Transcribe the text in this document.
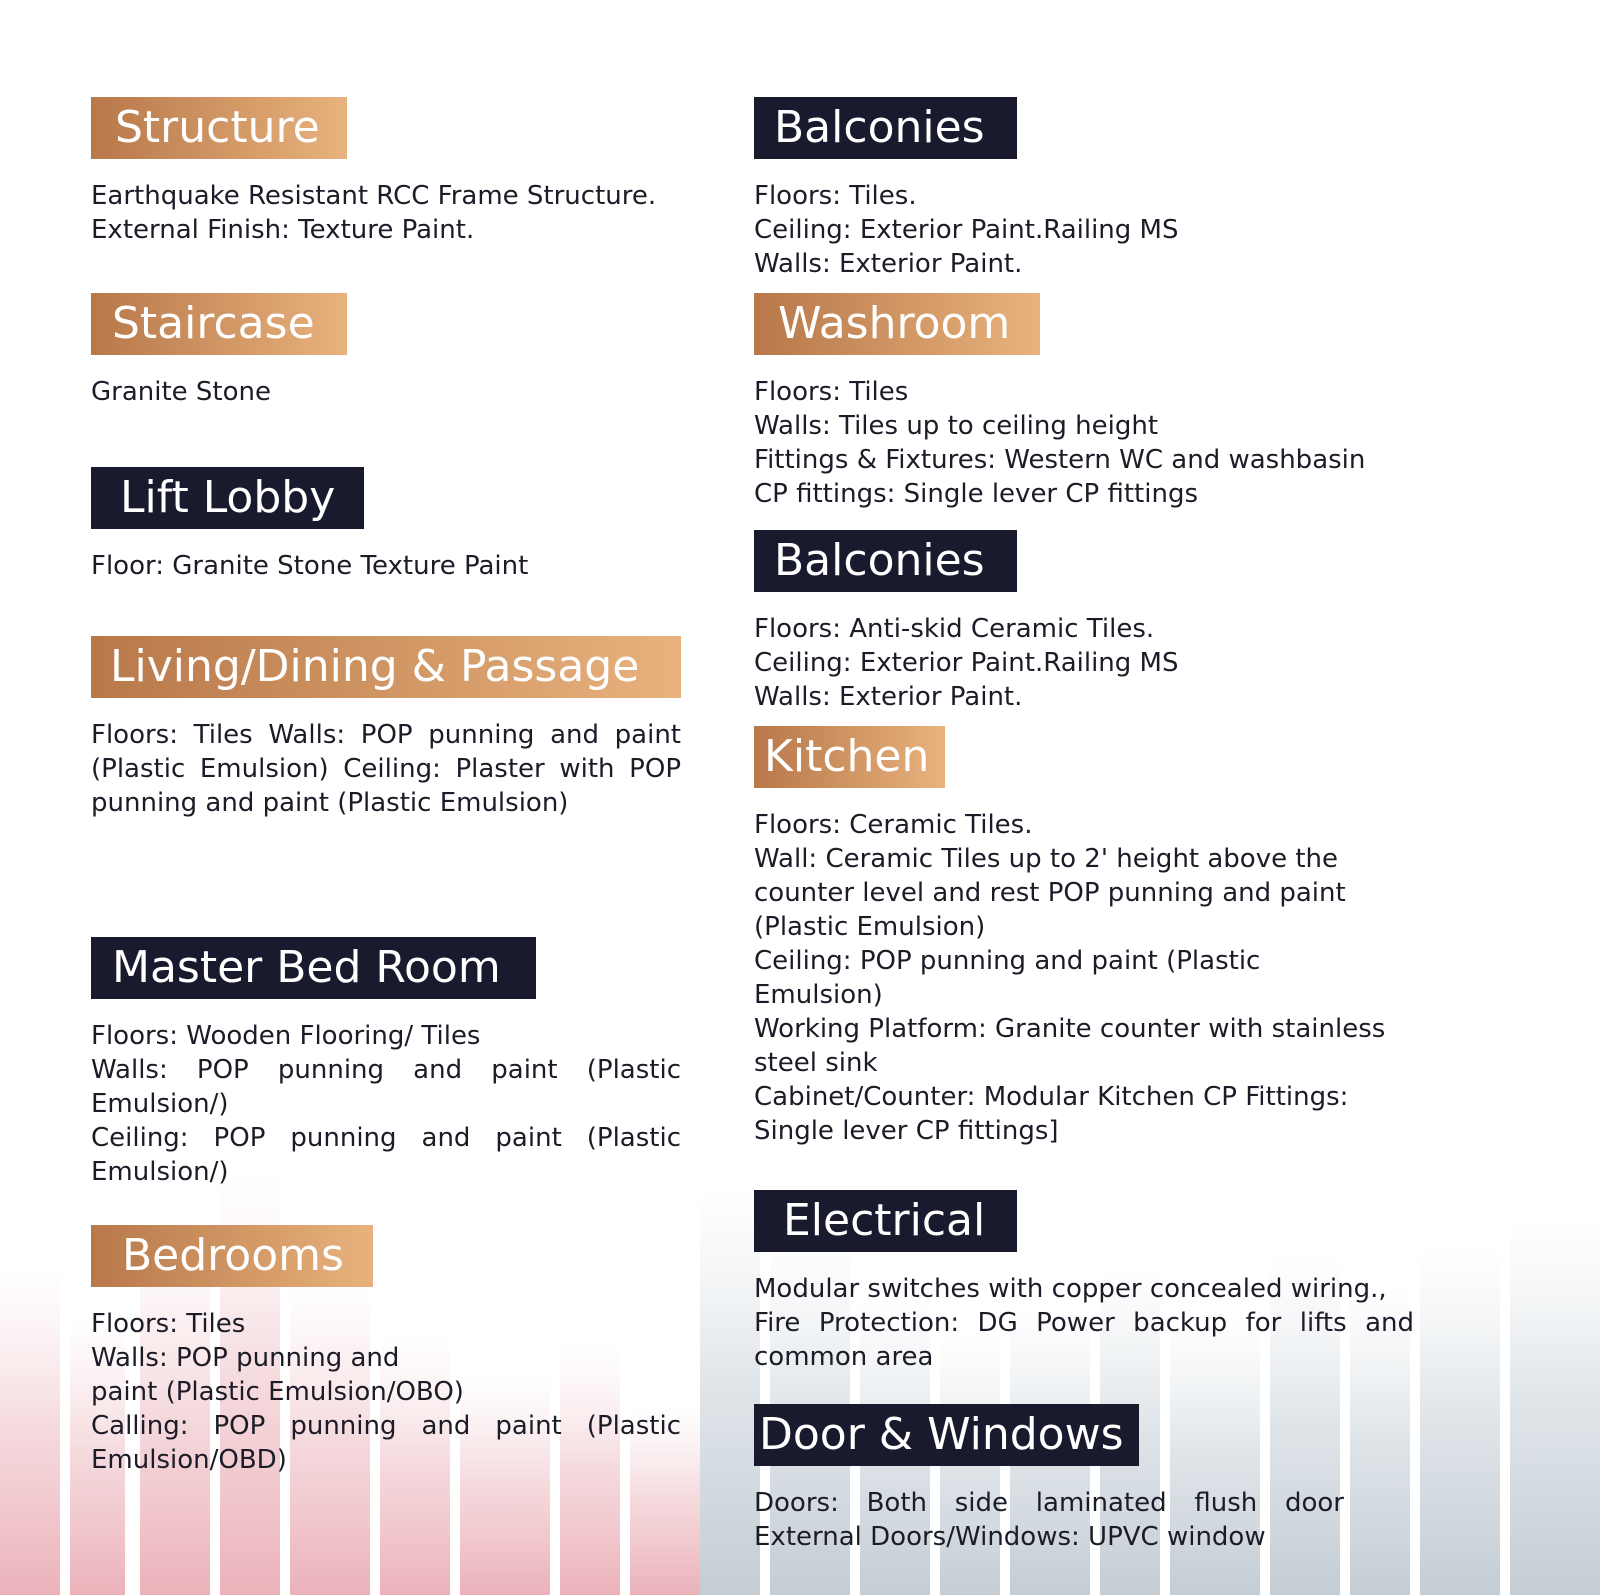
Structure
Earthquake Resistant RCC Frame Structure.
External Finish: Texture Paint.
Staircase
Granite Stone
Lift Lobby
Floor: Granite Stone Texture Paint
Living/Dining & Passage
Floors: Tiles Walls: POP punning and paint
(Plastic Emulsion) Ceiling: Plaster with POP
punning and paint (Plastic Emulsion)
Master Bed Room
Floors: Wooden Flooring/ Tiles
Walls: POP punning and paint (Plastic
Emulsion/)
Ceiling: POP punning and paint (Plastic
Emulsion/)
Bedrooms
Floors: Tiles
Walls: POP punning and
paint (Plastic Emulsion/OBO)
Calling: POP punning and paint (Plastic
Emulsion/OBD)
Balconies
Floors: Tiles.
Ceiling: Exterior Paint.Railing MS
Walls: Exterior Paint.
Washroom
Floors: Tiles
Walls: Tiles up to ceiling height
Fittings & Fixtures: Western WC and washbasin
CP fittings: Single lever CP fittings
Balconies
Floors: Anti-skid Ceramic Tiles.
Ceiling: Exterior Paint.Railing MS
Walls: Exterior Paint.
Kitchen
Floors: Ceramic Tiles.
Wall: Ceramic Tiles up to 2' height above the
counter level and rest POP punning and paint
(Plastic Emulsion)
Ceiling: POP punning and paint (Plastic
Emulsion)
Working Platform: Granite counter with stainless
steel sink
Cabinet/Counter: Modular Kitchen CP Fittings:
Single lever CP fittings]
Electrical
Modular switches with copper concealed wiring.,
Fire Protection: DG Power backup for lifts and
common area
Door & Windows
Doors: Both side laminated flush door
External Doors/Windows: UPVC window
